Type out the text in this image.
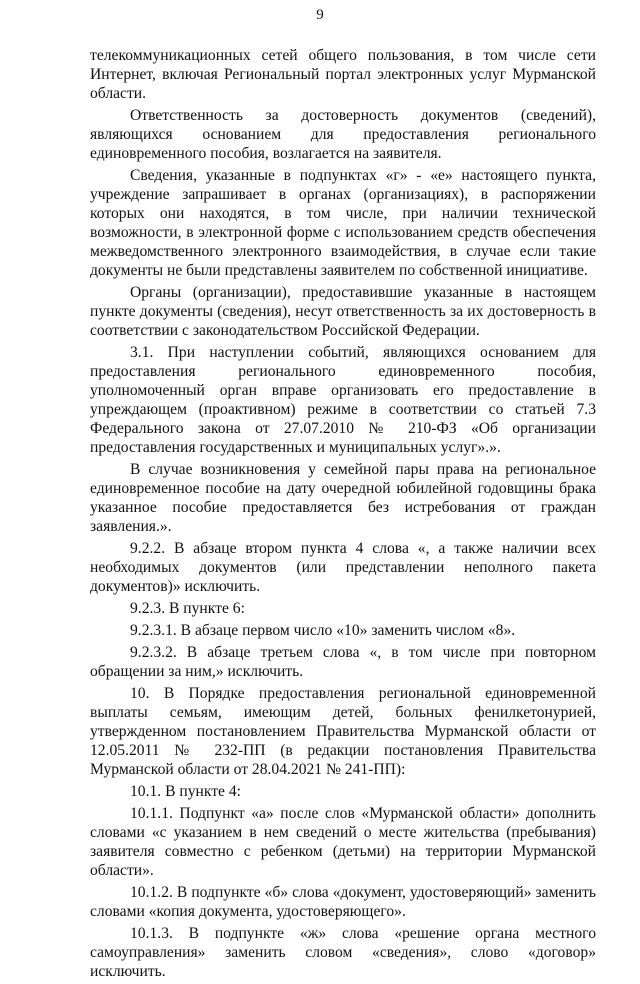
9

телекоммуникационных сетей общего пользования, в том числе сети Интернет, включая Региональный портал электронных услуг Мурманской области.

Ответственность за достоверность документов (сведений), являющихся основанием для предоставления регионального единовременного пособия, возлагается на заявителя.

Сведения, указанные в подпунктах «г» - «е» настоящего пункта, учреждение запрашивает в органах (организациях), в распоряжении которых они находятся, в том числе, при наличии технической возможности, в электронной форме с использованием средств обеспечения межведомственного электронного взаимодействия, в случае если такие документы не были представлены заявителем по собственной инициативе.

Органы (организации), предоставившие указанные в настоящем пункте документы (сведения), несут ответственность за их достоверность в соответствии с законодательством Российской Федерации.

3.1. При наступлении событий, являющихся основанием для предоставления регионального единовременного пособия, уполномоченный орган вправе организовать его предоставление в упреждающем (проактивном) режиме в соответствии со статьей 7.3 Федерального закона от 27.07.2010 № 210-ФЗ «Об организации предоставления государственных и муниципальных услуг».».

В случае возникновения у семейной пары права на региональное единовременное пособие на дату очередной юбилейной годовщины брака указанное пособие предоставляется без истребования от граждан заявления.».

9.2.2. В абзаце втором пункта 4 слова «, а также наличии всех необходимых документов (или представлении неполного пакета документов)» исключить.

9.2.3. В пункте 6:

9.2.3.1. В абзаце первом число «10» заменить числом «8».

9.2.3.2. В абзаце третьем слова «, в том числе при повторном обращении за ним,» исключить.

10. В Порядке предоставления региональной единовременной выплаты семьям, имеющим детей, больных фенилкетонурией, утвержденном постановлением Правительства Мурманской области от 12.05.2011 № 232-ПП (в редакции постановления Правительства Мурманской области от 28.04.2021 № 241-ПП):

10.1. В пункте 4:

10.1.1. Подпункт «а» после слов «Мурманской области» дополнить словами «с указанием в нем сведений о месте жительства (пребывания) заявителя совместно с ребенком (детьми) на территории Мурманской области».

10.1.2. В подпункте «б» слова «документ, удостоверяющий» заменить словами «копия документа, удостоверяющего».

10.1.3. В подпункте «ж» слова «решение органа местного самоуправления» заменить словом «сведения», слово «договор» исключить.
